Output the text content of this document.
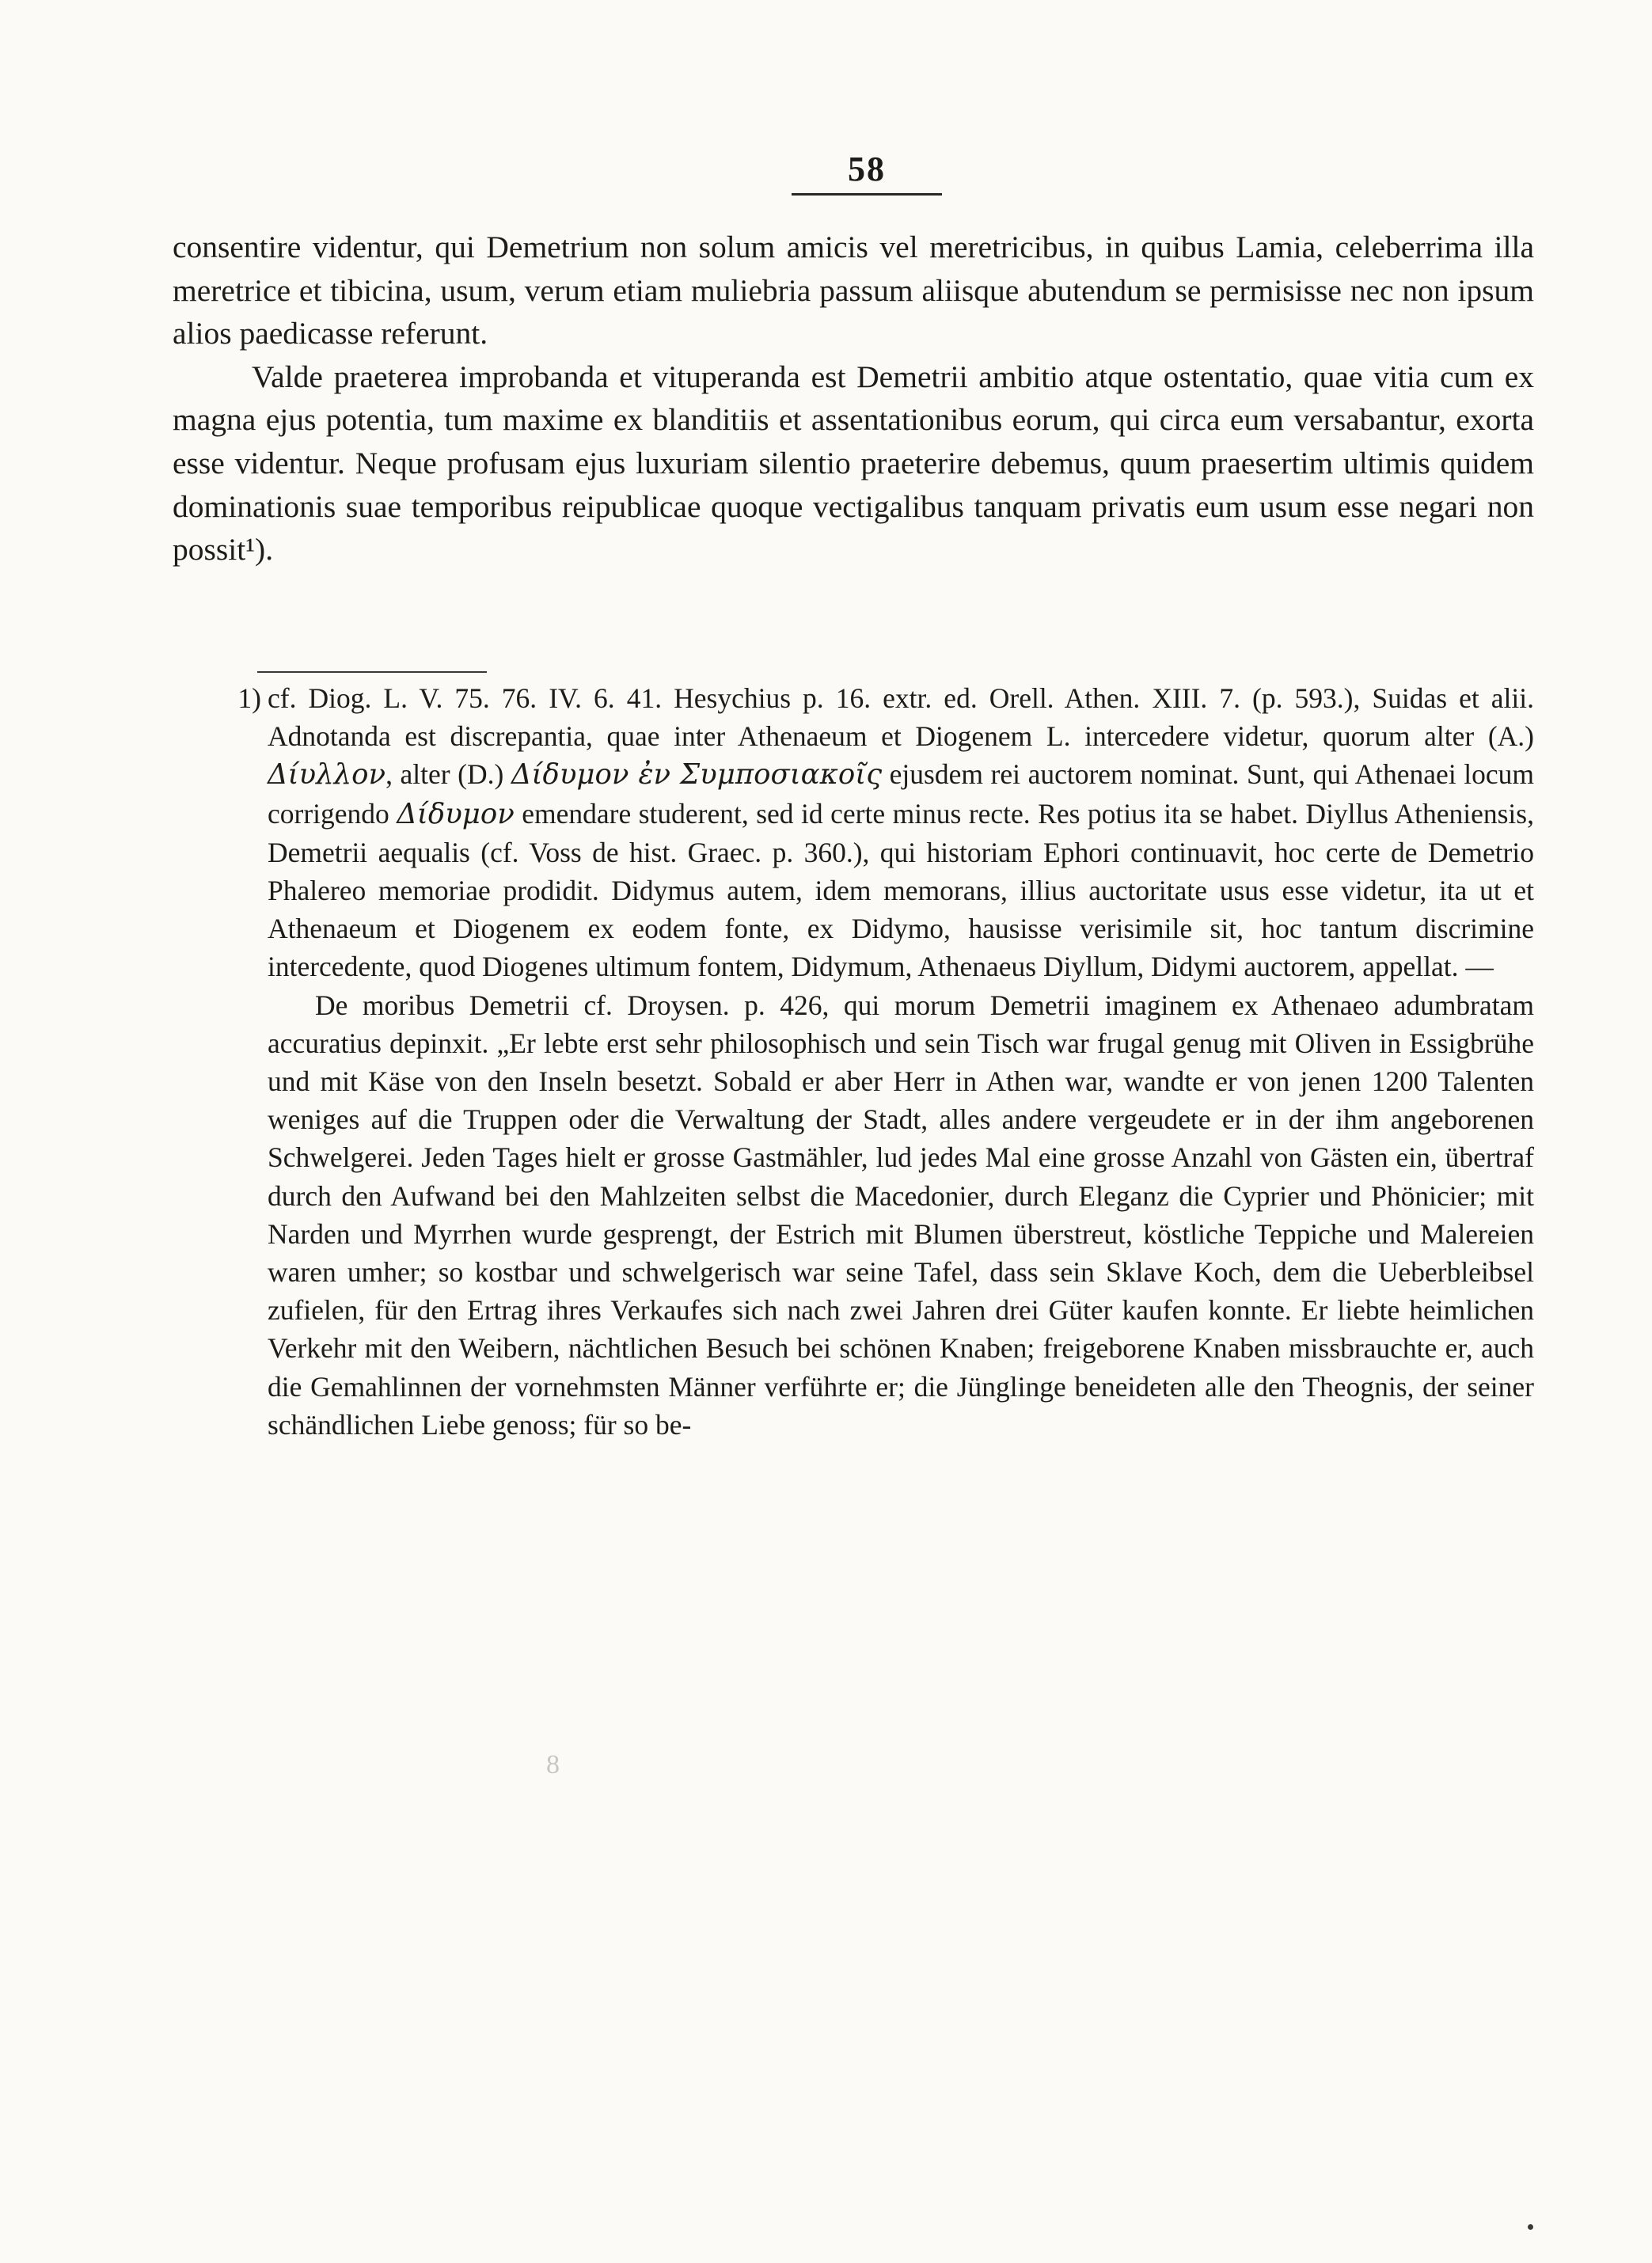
58

consentire videntur, qui Demetrium non solum amicis vel meretricibus, in quibus Lamia, celeberrima illa meretrice et tibicina, usum, verum etiam muliebria passum aliisque abutendum se permisisse nec non ipsum alios paedicasse referunt.

Valde praeterea improbanda et vituperanda est Demetrii ambitio atque ostentatio, quae vitia cum ex magna ejus potentia, tum maxime ex blanditiis et assentationibus eorum, qui circa eum versabantur, exorta esse videntur. Neque profusam ejus luxuriam silentio praeterire debemus, quum praesertim ultimis quidem dominationis suae temporibus reipublicae quoque vectigalibus tanquam privatis eum usum esse negari non possit¹).

1) cf. Diog. L. V. 75. 76. IV. 6. 41. Hesychius p. 16. extr. ed. Orell. Athen. XIII. 7. (p. 593.), Suidas et alii. Adnotanda est discrepantia, quae inter Athenaeum et Diogenem L. intercedere videtur, quorum alter (A.) Δίυλλον, alter (D.) Δίδυμον ἐν Συμποσιακοῖς ejusdem rei auctorem nominat. Sunt, qui Athenaei locum corrigendo Δίδυμον emendare studerent, sed id certe minus recte. Res potius ita se habet. Diyllus Atheniensis, Demetrii aequalis (cf. Voss de hist. Graec. p. 360.), qui historiam Ephori continuavit, hoc certe de Demetrio Phalereo memoriae prodidit. Didymus autem, idem memorans, illius auctoritate usus esse videtur, ita ut et Athenaeum et Diogenem ex eodem fonte, ex Didymo, hausisse verisimile sit, hoc tantum discrimine intercedente, quod Diogenes ultimum fontem, Didymum, Athenaeus Diyllum, Didymi auctorem, appellat. —

De moribus Demetrii cf. Droysen. p. 426, qui morum Demetrii imaginem ex Athenaeo adumbratam accuratius depinxit. „Er lebte erst sehr philosophisch und sein Tisch war frugal genug mit Oliven in Essigbrühe und mit Käse von den Inseln besetzt. Sobald er aber Herr in Athen war, wandte er von jenen 1200 Talenten weniges auf die Truppen oder die Verwaltung der Stadt, alles andere vergeudete er in der ihm angeborenen Schwelgerei. Jeden Tages hielt er grosse Gastmähler, lud jedes Mal eine grosse Anzahl von Gästen ein, übertraf durch den Aufwand bei den Mahlzeiten selbst die Macedonier, durch Eleganz die Cyprier und Phönicier; mit Narden und Myrrhen wurde gesprengt, der Estrich mit Blumen überstreut, köstliche Teppiche und Malereien waren umher; so kostbar und schwelgerisch war seine Tafel, dass sein Sklave Koch, dem die Ueberbleibsel zufielen, für den Ertrag ihres Verkaufes sich nach zwei Jahren drei Güter kaufen konnte. Er liebte heimlichen Verkehr mit den Weibern, nächtlichen Besuch bei schönen Knaben; freigeborene Knaben missbrauchte er, auch die Gemahlinnen der vornehmsten Männer verführte er; die Jünglinge beneideten alle den Theognis, der seiner schändlichen Liebe genoss; für so be-

8
